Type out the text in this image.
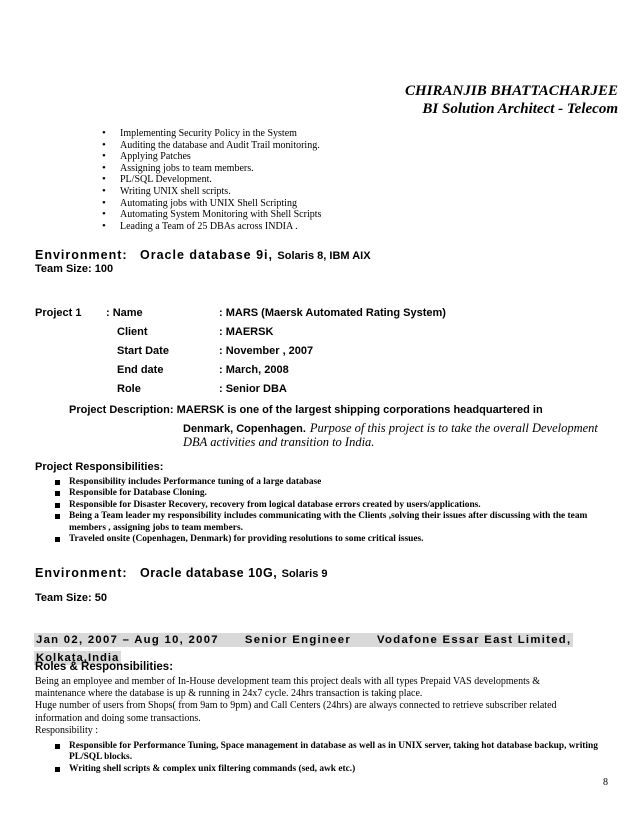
CHIRANJIB BHATTACHARJEE
BI Solution Architect - Telecom
• Implementing Security Policy in the System
• Auditing the database and Audit Trail monitoring.
• Applying Patches
• Assigning jobs to team members.
• PL/SQL Development.
• Writing UNIX shell scripts.
• Automating jobs with UNIX Shell Scripting
• Automating System Monitoring with Shell Scripts
• Leading a Team of 25 DBAs across INDIA .
Environment: Oracle database 9i, Solaris 8, IBM AIX
Team Size: 100
Project 1 : Name	: MARS (Maersk Automated Rating System)
Client	: MAERSK
Start Date	: November , 2007
End date	: March, 2008
Role	: Senior DBA
Project Description: MAERSK is one of the largest shipping corporations headquartered in
Denmark, Copenhagen. Purpose of this project is to take the overall Development
DBA activities and transition to India.
Project Responsibilities:
Responsibility includes Performance tuning of a large database
Responsible for Database Cloning.
Responsible for Disaster Recovery, recovery from logical database errors created by users/applications.
Being a Team leader my responsibility includes communicating with the Clients ,solving their issues after discussing with the team members , assigning jobs to team members.
Traveled onsite (Copenhagen, Denmark) for providing resolutions to some critical issues.
Environment: Oracle database 10G, Solaris 9
Team Size: 50
Jan 02, 2007 – Aug 10, 2007 Senior Engineer Vodafone Essar East Limited,
Kolkata,India
Roles & Responsibilities:
Being an employee and member of In-House development team this project deals with all types Prepaid VAS developments &
maintenance where the database is up & running in 24x7 cycle. 24hrs transaction is taking place.
Huge number of users from Shops( from 9am to 9pm) and Call Centers (24hrs) are always connected to retrieve subscriber related
information and doing some transactions.
Responsibility :
Responsible for Performance Tuning, Space management in database as well as in UNIX server, taking hot database backup, writing PL/SQL blocks.
Writing shell scripts & complex unix filtering commands (sed, awk etc.)
8
